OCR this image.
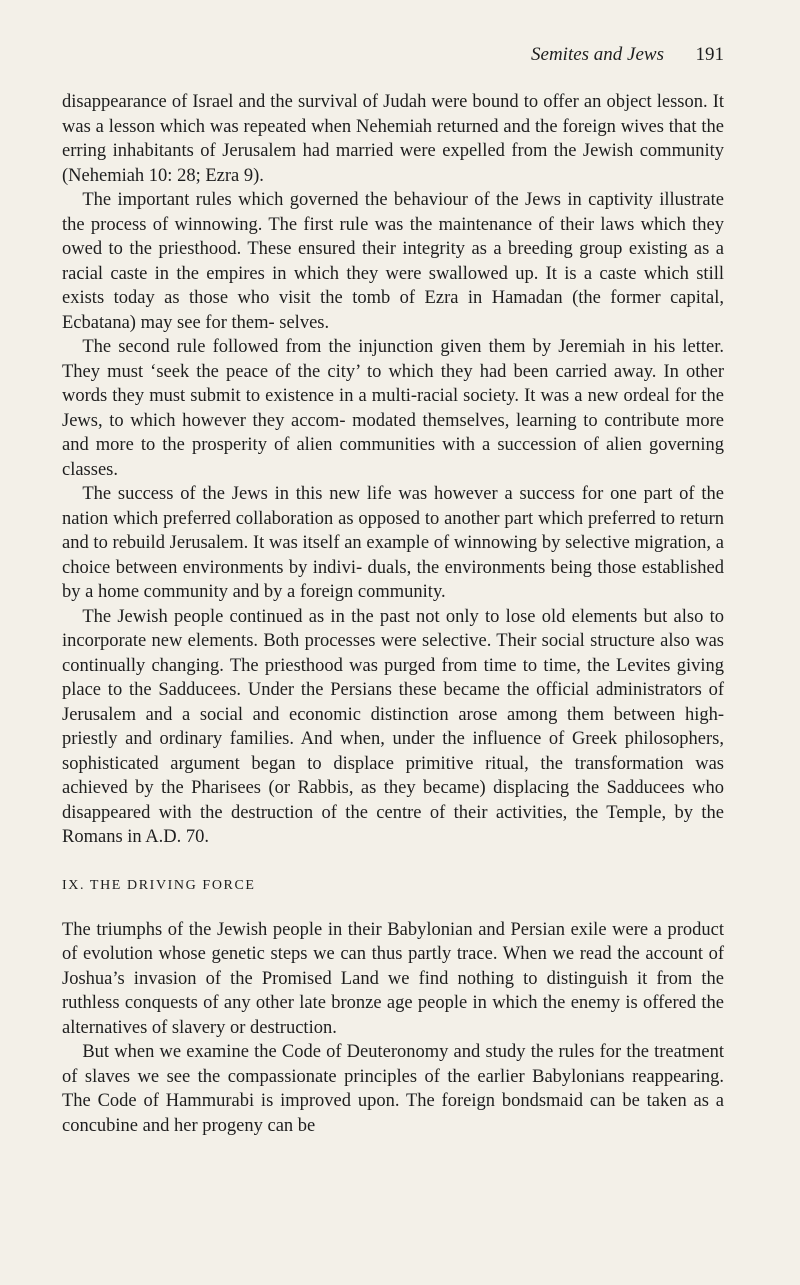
Semites and Jews 191

disappearance of Israel and the survival of Judah were bound to offer an object lesson. It was a lesson which was repeated when Nehemiah returned and the foreign wives that the erring inhabitants of Jerusalem had married were expelled from the Jewish community (Nehemiah 10: 28; Ezra 9).

The important rules which governed the behaviour of the Jews in captivity illustrate the process of winnowing. The first rule was the maintenance of their laws which they owed to the priesthood. These ensured their integrity as a breeding group existing as a racial caste in the empires in which they were swallowed up. It is a caste which still exists today as those who visit the tomb of Ezra in Hamadan (the former capital, Ecbatana) may see for them- selves.

The second rule followed from the injunction given them by Jeremiah in his letter. They must ‘seek the peace of the city’ to which they had been carried away. In other words they must submit to existence in a multi-racial society. It was a new ordeal for the Jews, to which however they accom- modated themselves, learning to contribute more and more to the prosperity of alien communities with a succession of alien governing classes.

The success of the Jews in this new life was however a success for one part of the nation which preferred collaboration as opposed to another part which preferred to return and to rebuild Jerusalem. It was itself an example of winnowing by selective migration, a choice between environments by indivi- duals, the environments being those established by a home community and by a foreign community.

The Jewish people continued as in the past not only to lose old elements but also to incorporate new elements. Both processes were selective. Their social structure also was continually changing. The priesthood was purged from time to time, the Levites giving place to the Sadducees. Under the Persians these became the official administrators of Jerusalem and a social and economic distinction arose among them between high-priestly and ordinary families. And when, under the influence of Greek philosophers, sophisticated argument began to displace primitive ritual, the transformation was achieved by the Pharisees (or Rabbis, as they became) displacing the Sadducees who disappeared with the destruction of the centre of their activities, the Temple, by the Romans in A.D. 70.

IX. THE DRIVING FORCE

The triumphs of the Jewish people in their Babylonian and Persian exile were a product of evolution whose genetic steps we can thus partly trace. When we read the account of Joshua’s invasion of the Promised Land we find nothing to distinguish it from the ruthless conquests of any other late bronze age people in which the enemy is offered the alternatives of slavery or destruction.

But when we examine the Code of Deuteronomy and study the rules for the treatment of slaves we see the compassionate principles of the earlier Babylonians reappearing. The Code of Hammurabi is improved upon. The foreign bondsmaid can be taken as a concubine and her progeny can be
